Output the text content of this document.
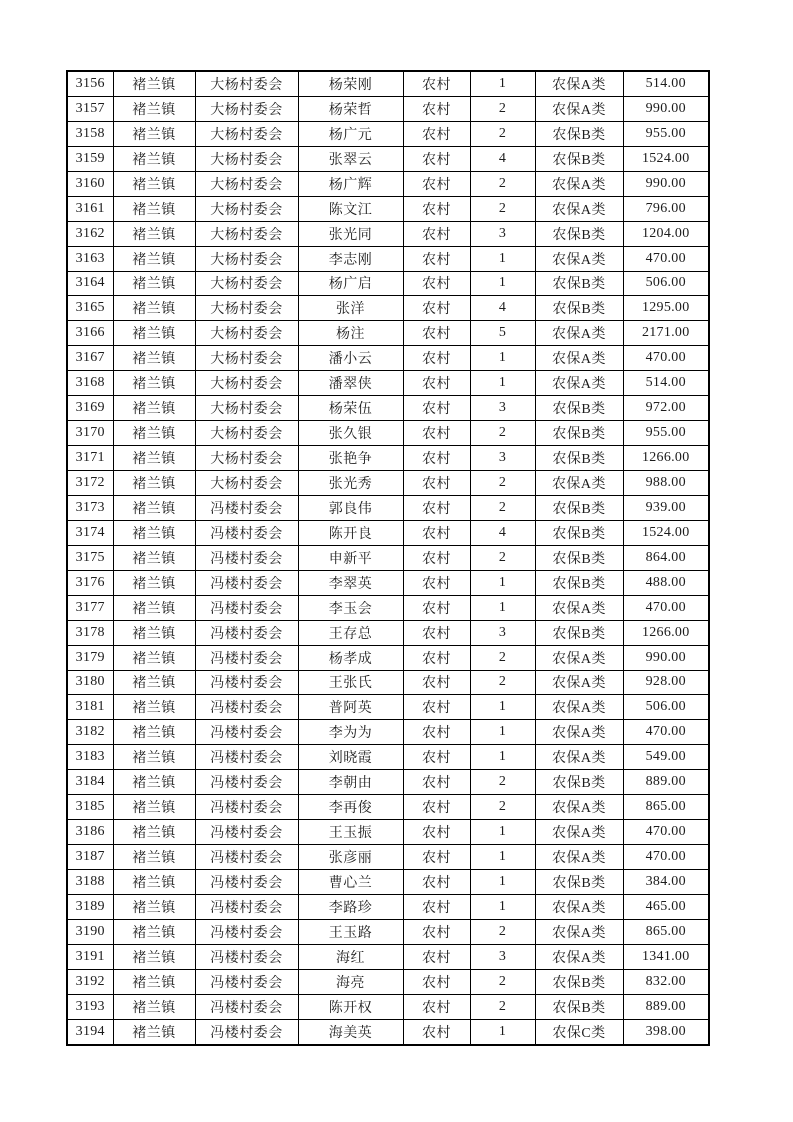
3156	褚兰镇	大杨村委会	杨荣刚	农村	1	农保A类	514.00
3157	褚兰镇	大杨村委会	杨荣哲	农村	2	农保A类	990.00
3158	褚兰镇	大杨村委会	杨广元	农村	2	农保B类	955.00
3159	褚兰镇	大杨村委会	张翠云	农村	4	农保B类	1524.00
3160	褚兰镇	大杨村委会	杨广辉	农村	2	农保A类	990.00
3161	褚兰镇	大杨村委会	陈文江	农村	2	农保A类	796.00
3162	褚兰镇	大杨村委会	张光同	农村	3	农保B类	1204.00
3163	褚兰镇	大杨村委会	李志刚	农村	1	农保A类	470.00
3164	褚兰镇	大杨村委会	杨广启	农村	1	农保B类	506.00
3165	褚兰镇	大杨村委会	张洋	农村	4	农保B类	1295.00
3166	褚兰镇	大杨村委会	杨注	农村	5	农保A类	2171.00
3167	褚兰镇	大杨村委会	潘小云	农村	1	农保A类	470.00
3168	褚兰镇	大杨村委会	潘翠侠	农村	1	农保A类	514.00
3169	褚兰镇	大杨村委会	杨荣伍	农村	3	农保B类	972.00
3170	褚兰镇	大杨村委会	张久银	农村	2	农保B类	955.00
3171	褚兰镇	大杨村委会	张艳争	农村	3	农保B类	1266.00
3172	褚兰镇	大杨村委会	张光秀	农村	2	农保A类	988.00
3173	褚兰镇	冯楼村委会	郭良伟	农村	2	农保B类	939.00
3174	褚兰镇	冯楼村委会	陈开良	农村	4	农保B类	1524.00
3175	褚兰镇	冯楼村委会	申新平	农村	2	农保B类	864.00
3176	褚兰镇	冯楼村委会	李翠英	农村	1	农保B类	488.00
3177	褚兰镇	冯楼村委会	李玉会	农村	1	农保A类	470.00
3178	褚兰镇	冯楼村委会	王存总	农村	3	农保B类	1266.00
3179	褚兰镇	冯楼村委会	杨孝成	农村	2	农保A类	990.00
3180	褚兰镇	冯楼村委会	王张氏	农村	2	农保A类	928.00
3181	褚兰镇	冯楼村委会	普阿英	农村	1	农保A类	506.00
3182	褚兰镇	冯楼村委会	李为为	农村	1	农保A类	470.00
3183	褚兰镇	冯楼村委会	刘晓霞	农村	1	农保A类	549.00
3184	褚兰镇	冯楼村委会	李朝由	农村	2	农保B类	889.00
3185	褚兰镇	冯楼村委会	李再俊	农村	2	农保A类	865.00
3186	褚兰镇	冯楼村委会	王玉振	农村	1	农保A类	470.00
3187	褚兰镇	冯楼村委会	张彦丽	农村	1	农保A类	470.00
3188	褚兰镇	冯楼村委会	曹心兰	农村	1	农保B类	384.00
3189	褚兰镇	冯楼村委会	李路珍	农村	1	农保A类	465.00
3190	褚兰镇	冯楼村委会	王玉路	农村	2	农保A类	865.00
3191	褚兰镇	冯楼村委会	海红	农村	3	农保A类	1341.00
3192	褚兰镇	冯楼村委会	海亮	农村	2	农保B类	832.00
3193	褚兰镇	冯楼村委会	陈开权	农村	2	农保B类	889.00
3194	褚兰镇	冯楼村委会	海美英	农村	1	农保C类	398.00
